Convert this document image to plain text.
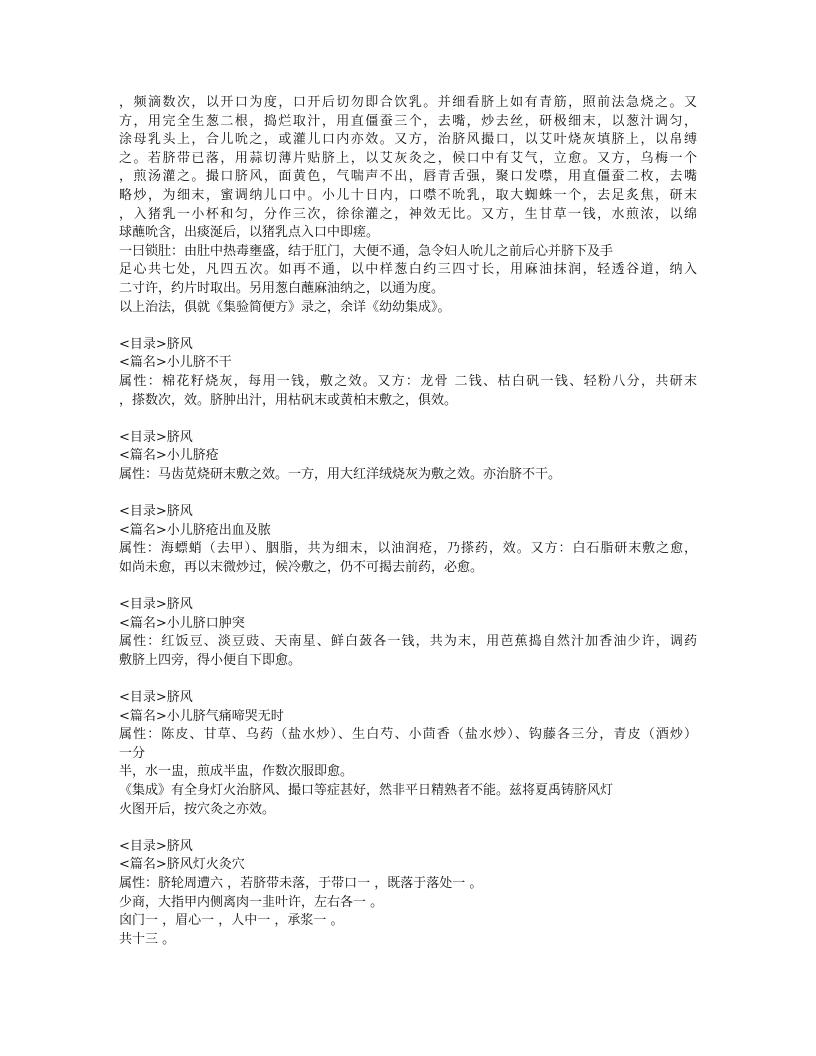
，频滴数次，以开口为度，口开后切勿即合饮乳。并细看脐上如有青筋，照前法急烧之。又
方，用完全生葱二根，捣烂取汁，用直僵蚕三个，去嘴，炒去丝，研极细末，以葱汁调匀，
涂母乳头上，合儿吮之，或灌儿口内亦效。又方，治脐风撮口，以艾叶烧灰填脐上，以帛缚
之。若脐带已落，用蒜切薄片贴脐上，以艾灰灸之，候口中有艾气，立愈。又方，乌梅一个
，煎汤灌之。撮口脐风，面黄色，气喘声不出，唇青舌强，聚口发噤，用直僵蚕二枚，去嘴
略炒，为细末，蜜调纳儿口中。小儿十日内，口噤不吮乳，取大蜘蛛一个，去足炙焦，研末
，入猪乳一小杯和匀，分作三次，徐徐灌之，神效无比。又方，生甘草一钱，水煎浓，以绵
球蘸吮含，出痰涎后，以猪乳点入口中即瘥。
一曰锁肚：由肚中热毒壅盛，结于肛门，大便不通，急令妇人吮儿之前后心并脐下及手
足心共七处，凡四五次。如再不通，以中样葱白约三四寸长，用麻油抹润，轻透谷道，纳入
二寸许，约片时取出。另用葱白蘸麻油纳之，以通为度。
以上治法，俱就《集验简便方》录之，余详《幼幼集成》。
<目录>脐风
<篇名>小儿脐不干
属性：棉花籽烧灰，每用一钱，敷之效。又方：龙骨 二钱、枯白矾一钱、轻粉八分，共研末
，搽数次，效。脐肿出汁，用枯矾末或黄柏末敷之，俱效。
<目录>脐风
<篇名>小儿脐疮
属性：马齿苋烧研末敷之效。一方，用大红洋绒烧灰为敷之效。亦治脐不干。
<目录>脐风
<篇名>小儿脐疮出血及脓
属性：海螵蛸（去甲）、胭脂，共为细末，以油润疮，乃搽药，效。又方：白石脂研末敷之愈，
如尚未愈，再以末微炒过，候冷敷之，仍不可揭去前药，必愈。
<目录>脐风
<篇名>小儿脐口肿突
属性：红饭豆、淡豆豉、天南星、鲜白蔹各一钱，共为末，用芭蕉捣自然汁加香油少许，调药
敷脐上四旁，得小便自下即愈。
<目录>脐风
<篇名>小儿脐气痛啼哭无时
属性：陈皮、甘草、乌药（盐水炒）、生白芍、小茴香（盐水炒）、钩藤各三分，青皮（酒炒）
一分
半，水一盅，煎成半盅，作数次服即愈。
《集成》有全身灯火治脐风、撮口等症甚好，然非平日精熟者不能。兹将夏禹铸脐风灯
火图开后，按穴灸之亦效。
<目录>脐风
<篇名>脐风灯火灸穴
属性：脐轮周遭六 ，若脐带未落，于带口一 ，既落于落处一 。
少商，大指甲内侧离肉一韭叶许，左右各一 。
囟门一 ，眉心一 ，人中一 ，承浆一 。
共十三 。
